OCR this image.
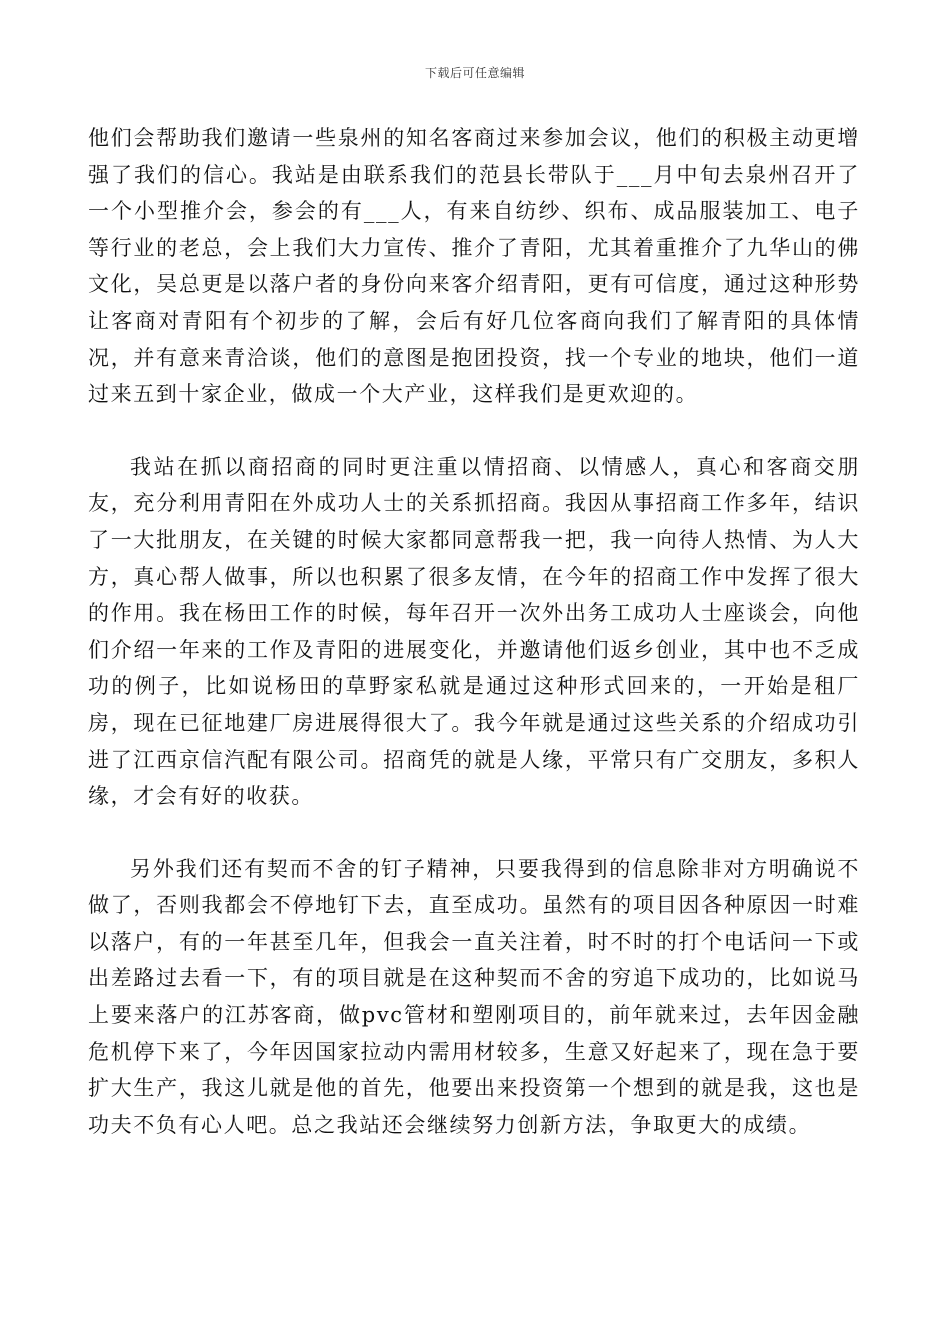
下载后可任意编辑

他们会帮助我们邀请一些泉州的知名客商过来参加会议，他们的积极主动更增强了我们的信心。我站是由联系我们的范县长带队于___月中旬去泉州召开了一个小型推介会，参会的有___人，有来自纺纱、织布、成品服装加工、电子等行业的老总，会上我们大力宣传、推介了青阳，尤其着重推介了九华山的佛文化，吴总更是以落户者的身份向来客介绍青阳，更有可信度，通过这种形势让客商对青阳有个初步的了解，会后有好几位客商向我们了解青阳的具体情况，并有意来青洽谈，他们的意图是抱团投资，找一个专业的地块，他们一道过来五到十家企业，做成一个大产业，这样我们是更欢迎的。

我站在抓以商招商的同时更注重以情招商、以情感人，真心和客商交朋友，充分利用青阳在外成功人士的关系抓招商。我因从事招商工作多年，结识了一大批朋友，在关键的时候大家都同意帮我一把，我一向待人热情、为人大方，真心帮人做事，所以也积累了很多友情，在今年的招商工作中发挥了很大的作用。我在杨田工作的时候，每年召开一次外出务工成功人士座谈会，向他们介绍一年来的工作及青阳的进展变化，并邀请他们返乡创业，其中也不乏成功的例子，比如说杨田的草野家私就是通过这种形式回来的，一开始是租厂房，现在已征地建厂房进展得很大了。我今年就是通过这些关系的介绍成功引进了江西京信汽配有限公司。招商凭的就是人缘，平常只有广交朋友，多积人缘，才会有好的收获。

另外我们还有契而不舍的钉子精神，只要我得到的信息除非对方明确说不做了，否则我都会不停地钉下去，直至成功。虽然有的项目因各种原因一时难以落户，有的一年甚至几年，但我会一直关注着，时不时的打个电话问一下或出差路过去看一下，有的项目就是在这种契而不舍的穷追下成功的，比如说马上要来落户的江苏客商，做pvc管材和塑刚项目的，前年就来过，去年因金融危机停下来了，今年因国家拉动内需用材较多，生意又好起来了，现在急于要扩大生产，我这儿就是他的首先，他要出来投资第一个想到的就是我，这也是功夫不负有心人吧。总之我站还会继续努力创新方法，争取更大的成绩。
